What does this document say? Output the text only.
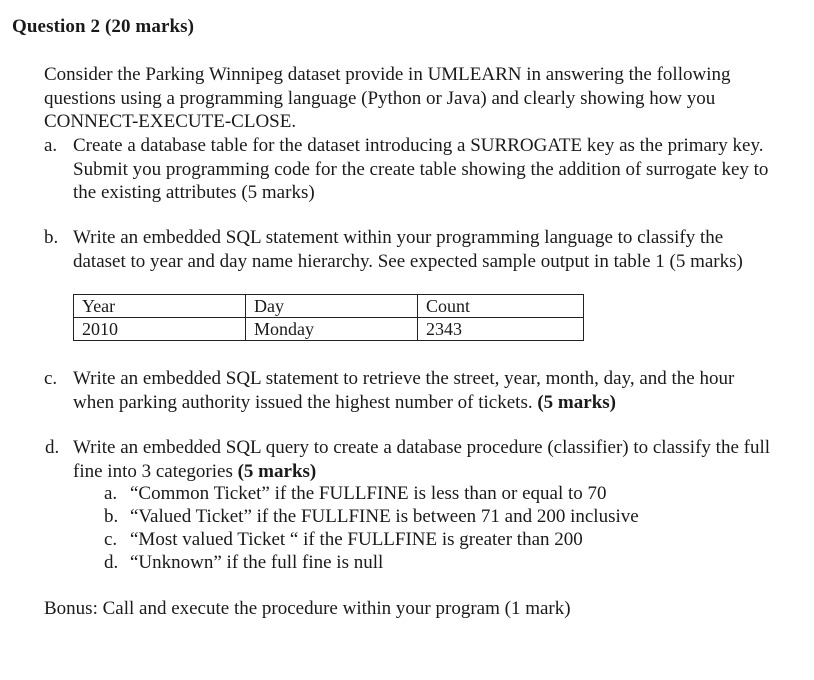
Question 2 (20 marks)
Consider the Parking Winnipeg dataset provide in UMLEARN in answering the following questions using a programming language (Python or Java) and clearly showing how you CONNECT-EXECUTE-CLOSE.
a. Create a database table for the dataset introducing a SURROGATE key as the primary key. Submit you programming code for the create table showing the addition of surrogate key to the existing attributes (5 marks)
b. Write an embedded SQL statement within your programming language to classify the dataset to year and day name hierarchy. See expected sample output in table 1 (5 marks)
Year	Day	Count
2010	Monday	2343
c. Write an embedded SQL statement to retrieve the street, year, month, day, and the hour when parking authority issued the highest number of tickets. (5 marks)
d. Write an embedded SQL query to create a database procedure (classifier) to classify the full fine into 3 categories (5 marks)
a. “Common Ticket” if the FULLFINE is less than or equal to 70
b. “Valued Ticket” if the FULLFINE is between 71 and 200 inclusive
c. “Most valued Ticket “ if the FULLFINE is greater than 200
d. “Unknown” if the full fine is null
Bonus: Call and execute the procedure within your program (1 mark)
